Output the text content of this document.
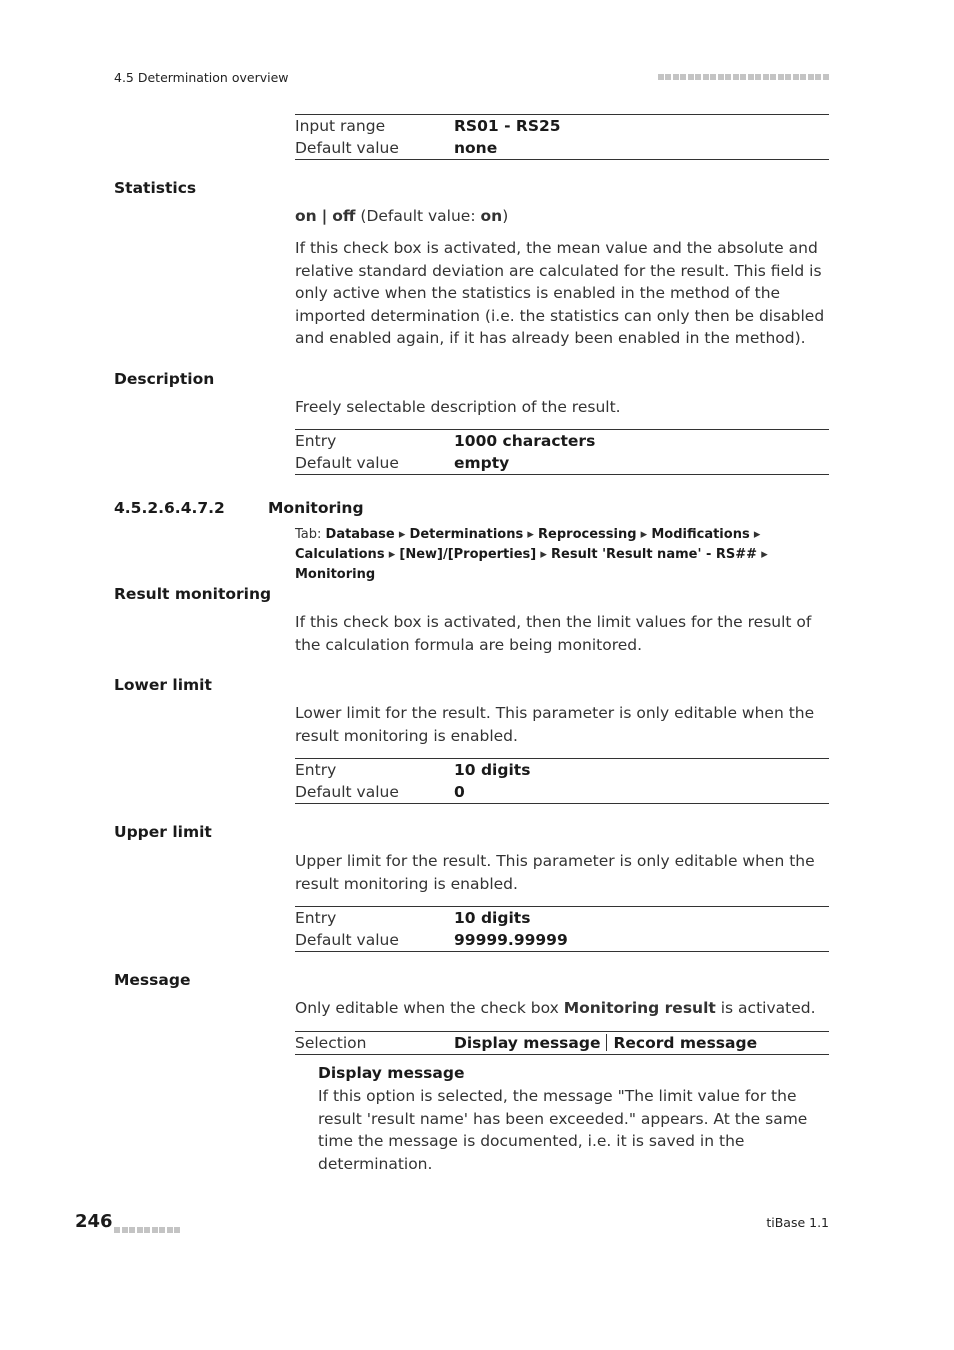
4.5 Determination overview
Input range	RS01 - RS25
Default value	none
Statistics
on | off (Default value: on)
If this check box is activated, the mean value and the absolute and relative standard deviation are calculated for the result. This field is only active when the statistics is enabled in the method of the imported determination (i.e. the statistics can only then be disabled and enabled again, if it has already been enabled in the method).
Description
Freely selectable description of the result.
Entry	1000 characters
Default value	empty
4.5.2.6.4.7.2	Monitoring
Tab: Database ▸ Determinations ▸ Reprocessing ▸ Modifications ▸ Calculations ▸ [New]/[Properties] ▸ Result 'Result name' - RS## ▸ Monitoring
Result monitoring
If this check box is activated, then the limit values for the result of the calculation formula are being monitored.
Lower limit
Lower limit for the result. This parameter is only editable when the result monitoring is enabled.
Entry	10 digits
Default value	0
Upper limit
Upper limit for the result. This parameter is only editable when the result monitoring is enabled.
Entry	10 digits
Default value	99999.99999
Message
Only editable when the check box Monitoring result is activated.
Selection	Display message Record message
Display message
If this option is selected, the message "The limit value for the result 'result name' has been exceeded." appears. At the same time the message is documented, i.e. it is saved in the determination.
246	tiBase 1.1
